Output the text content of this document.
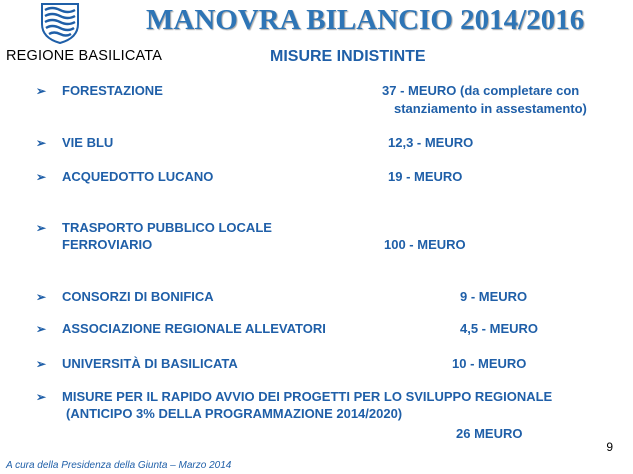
REGIONE BASILICATA
MANOVRA BILANCIO 2014/2016
MISURE INDISTINTE
➢ FORESTAZIONE	37 - MEURO (da completare con
stanziamento in assestamento)
➢ VIE BLU	12,3 - MEURO
➢ ACQUEDOTTO LUCANO	19 - MEURO
➢ TRASPORTO PUBBLICO LOCALE
FERROVIARIO	100 - MEURO
➢ CONSORZI DI BONIFICA	9 - MEURO
➢ ASSOCIAZIONE REGIONALE ALLEVATORI	4,5 - MEURO
➢ UNIVERSITÀ DI BASILICATA	10 - MEURO
➢ MISURE PER IL RAPIDO AVVIO DEI PROGETTI PER LO SVILUPPO REGIONALE
(ANTICIPO 3% DELLA PROGRAMMAZIONE 2014/2020)
26 MEURO
9
A cura della Presidenza della Giunta – Marzo 2014
